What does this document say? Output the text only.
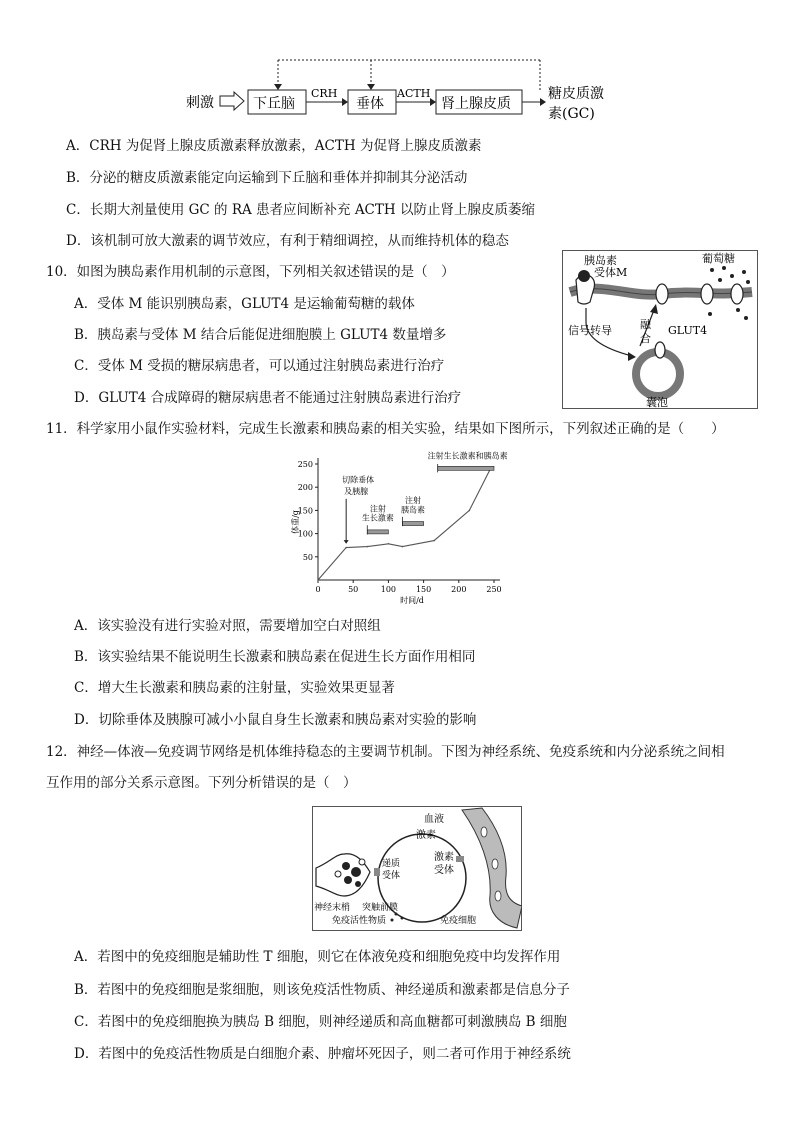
刺激	下丘脑
CRH
垂体
ACTH
肾上腺皮质
糖皮质激
素(GC)
A．CRH 为促肾上腺皮质激素释放激素，ACTH 为促肾上腺皮质激素
B．分泌的糖皮质激素能定向运输到下丘脑和垂体并抑制其分泌活动
C．长期大剂量使用 GC 的 RA 患者应间断补充 ACTH 以防止肾上腺皮质萎缩
D．该机制可放大激素的调节效应，有利于精细调控，从而维持机体的稳态
10．如图为胰岛素作用机制的示意图，下列相关叙述错误的是（　）
A．受体 M 能识别胰岛素，GLUT4 是运输葡萄糖的载体
B．胰岛素与受体 M 结合后能促进细胞膜上 GLUT4 数量增多
C．受体 M 受损的糖尿病患者，可以通过注射胰岛素进行治疗
D．GLUT4 合成障碍的糖尿病患者不能通过注射胰岛素进行治疗
胰岛素
受体M
葡萄糖
信号转导	融
合
GLUT4
囊泡
11．科学家用小鼠作实验材料，完成生长激素和胰岛素的相关实验，结果如下图所示，下列叙述正确的是（　　）
0	50	100 150 200 250
50
100
150
200
250
时间/d
体重/g
切除垂体
及胰腺
注射
生长激素
注射
胰岛素
注射生长激素和胰岛素
A．该实验没有进行实验对照，需要增加空白对照组
B．该实验结果不能说明生长激素和胰岛素在促进生长方面作用相同
C．增大生长激素和胰岛素的注射量，实验效果更显著
D．切除垂体及胰腺可减小小鼠自身生长激素和胰岛素对实验的影响
12．神经—体液—免疫调节网络是机体维持稳态的主要调节机制。下图为神经系统、免疫系统和内分泌系统之间相
互作用的部分关系示意图。下列分析错误的是（　）
血液
激素
递质
受体
激素
受体
神经末梢 突触前膜
免疫活性物质	免疫细胞
A．若图中的免疫细胞是辅助性 T 细胞，则它在体液免疫和细胞免疫中均发挥作用
B．若图中的免疫细胞是浆细胞，则该免疫活性物质、神经递质和激素都是信息分子
C．若图中的免疫细胞换为胰岛 B 细胞，则神经递质和高血糖都可刺激胰岛 B 细胞
D．若图中的免疫活性物质是白细胞介素、肿瘤坏死因子，则二者可作用于神经系统
